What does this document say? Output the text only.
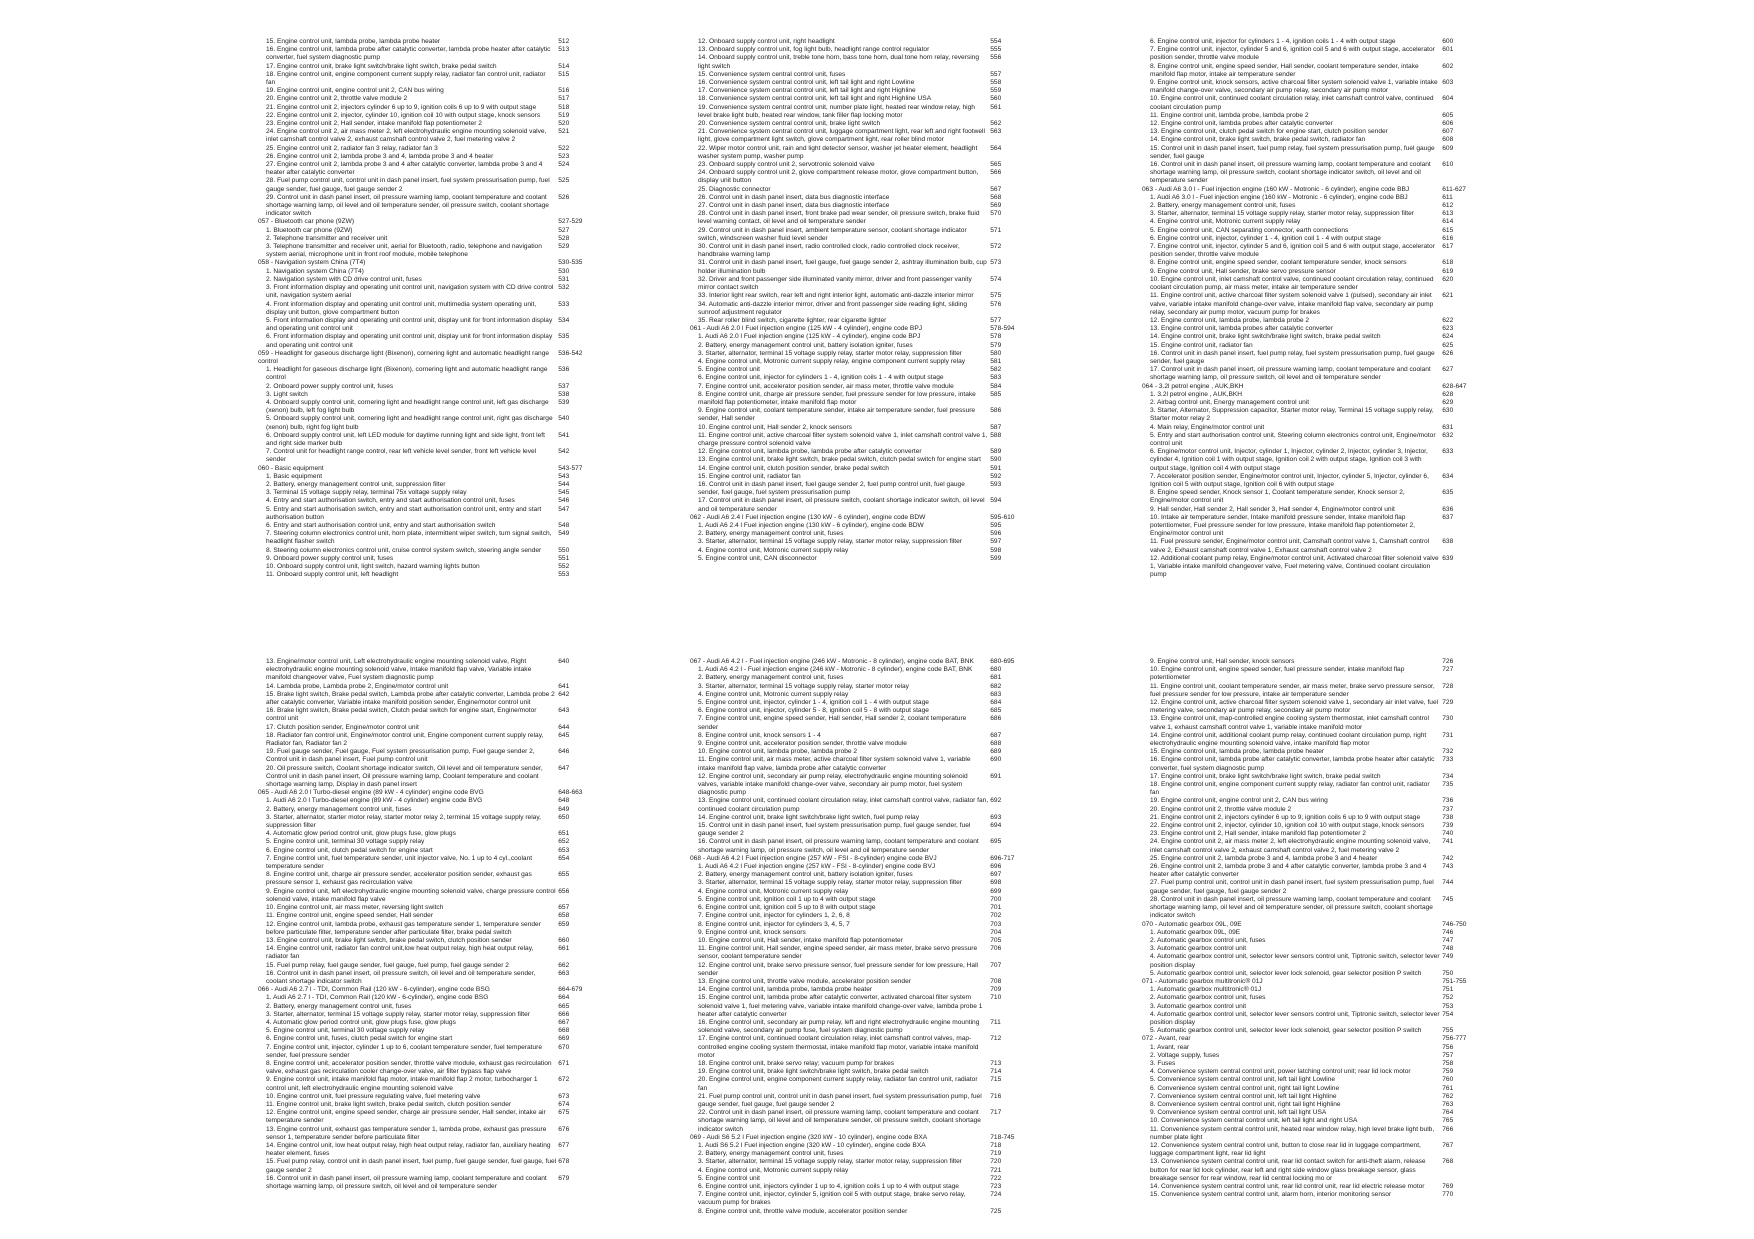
15. Engine control unit, lambda probe, lambda probe heater	512
16. Engine control unit, lambda probe after catalytic converter, lambda probe heater after catalytic converter, fuel system diagnostic pump
513
17. Engine control unit, brake light switch/brake light switch, brake pedal switch	514
18. Engine control unit, engine component current supply relay, radiator fan control unit, radiator fan
515
19. Engine control unit, engine control unit 2, CAN bus wiring	516
20. Engine control unit 2, throttle valve module 2	517
21. Engine control unit 2, injectors cylinder 6 up to 9, ignition coils 6 up to 9 with output stage	518
22. Engine control unit 2, injector, cylinder 10, ignition coil 10 with output stage, knock sensors	519
23. Engine control unit 2, Hall sender, intake manifold flap potentiometer 2	520
24. Engine control unit 2, air mass meter 2, left electrohydraulic engine mounting solenoid valve, inlet camshaft control valve 2, exhaust camshaft control valve 2, fuel metering valve 2
521
25. Engine control unit 2, radiator fan 3 relay, radiator fan 3	522
26. Engine control unit 2, lambda probe 3 and 4, lambda probe 3 and 4 heater	523
27. Engine control unit 2, lambda probe 3 and 4 after catalytic converter, lambda probe 3 and 4 heater after catalytic converter
524
28. Fuel pump control unit, control unit in dash panel insert, fuel system pressurisation pump, fuel gauge sender, fuel gauge, fuel gauge sender 2
525
29. Control unit in dash panel insert, oil pressure warning lamp, coolant temperature and coolant shortage warning lamp, oil level and oil temperature sender, oil pressure switch, coolant shortage indicator switch
526
057 - Bluetooth car phone (9ZW)	527-529
1. Bluetooth car phone (9ZW)	527
2. Telephone transmitter and receiver unit	528
3. Telephone transmitter and receiver unit, aerial for Bluetooth, radio, telephone and navigation system aerial, microphone unit in front roof module, mobile telephone
529
058 - Navigation system China (7T4)	530-535
1. Navigation system China (7T4)	530
2. Navigation system with CD drive control unit, fuses	531
3. Front information display and operating unit control unit, navigation system with CD drive control unit, navigation system aerial
532
4. Front information display and operating unit control unit, multimedia system operating unit, display unit button, glove compartment button
533
5. Front information display and operating unit control unit, display unit for front information display and operating unit control unit
534
6. Front information display and operating unit control unit, display unit for front information display and operating unit control unit
535
059 - Headlight for gaseous discharge light (Bixenon), cornering light and automatic headlight range control
536-542
1. Headlight for gaseous discharge light (Bixenon), cornering light and automatic headlight range control
536
2. Onboard power supply control unit, fuses	537
3. Light switch	538
4. Onboard supply control unit, cornering light and headlight range control unit, left gas discharge (xenon) bulb, left fog light bulb
539
5. Onboard supply control unit, cornering light and headlight range control unit, right gas discharge (xenon) bulb, right fog light bulb
540
6. Onboard supply control unit, left LED module for daytime running light and side light, front left and right side marker bulb
541
7. Control unit for headlight range control, rear left vehicle level sender, front left vehicle level sender
542
060 - Basic equipment	543-577
1. Basic equipment	543
2. Battery, energy management control unit, suppression filter	544
3. Terminal 15 voltage supply relay, terminal 75x voltage supply relay	545
4. Entry and start authorisation switch, entry and start authorisation control unit, fuses	546
5. Entry and start authorisation switch, entry and start authorisation control unit, entry and start authorisation button
547
6. Entry and start authorisation control unit, entry and start authorisation switch	548
7. Steering column electronics control unit, horn plate, intermittent wiper switch, turn signal switch, headlight flasher switch
549
8. Steering column electronics control unit, cruise control system switch, steering angle sender	550
9. Onboard power supply control unit, fuses	551
10. Onboard supply control unit, light switch, hazard warning lights button	552
11. Onboard supply control unit, left headlight	553
12. Onboard supply control unit, right headlight	554
13. Onboard supply control unit, fog light bulb, headlight range control regulator	555
14. Onboard supply control unit, treble tone horn, bass tone horn, dual tone horn relay, reversing light switch
556
15. Convenience system central control unit, fuses	557
16. Convenience system central control unit, left tail light and right Lowline	558
17. Convenience system central control unit, left tail light and right Highline	559
18. Convenience system central control unit, left tail light and right Highline USA	560
19. Convenience system central control unit, number plate light, heated rear window relay, high level brake light bulb, heated rear window, tank filler flap locking motor
561
20. Convenience system central control unit, brake light switch	562
21. Convenience system central control unit, luggage compartment light, rear left and right footwell light, glove compartment light switch, glove compartment light, rear roller blind motor
563
22. Wiper motor control unit, rain and light detector sensor, washer jet heater element, headlight washer system pump, washer pump
564
23. Onboard supply control unit 2, servotronic solenoid valve	565
24. Onboard supply control unit 2, glove compartment release motor, glove compartment button, display unit button
566
25. Diagnostic connector	567
26. Control unit in dash panel insert, data bus diagnostic interface	568
27. Control unit in dash panel insert, data bus diagnostic interface	569
28. Control unit in dash panel insert, front brake pad wear sender, oil pressure switch, brake fluid level warning contact, oil level and oil temperature sender
570
29. Control unit in dash panel insert, ambient temperature sensor, coolant shortage indicator switch, windscreen washer fluid level sender
571
30. Control unit in dash panel insert, radio controlled clock, radio controlled clock receiver, handbrake warning lamp
572
31. Control unit in dash panel insert, fuel gauge, fuel gauge sender 2, ashtray illumination bulb, cup holder illumination bulb
573
32. Driver and front passenger side illuminated vanity mirror, driver and front passenger vanity mirror contact switch
574
33. Interior light rear switch, rear left and right interior light, automatic anti-dazzle interior mirror	575
34. Automatic anti-dazzle interior mirror, driver and front passenger side reading light, sliding sunroof adjustment regulator
576
35. Rear roller blind switch, cigarette lighter, rear cigarette lighter	577
061 - Audi A6 2.0 l Fuel injection engine (125 kW - 4 cylinder), engine code BPJ	578-594
1. Audi A6 2.0 l Fuel injection engine (125 kW - 4 cylinder), engine code BPJ	578
2. Battery, energy management control unit, battery isolation igniter, fuses	579
3. Starter, alternator, terminal 15 voltage supply relay, starter motor relay, suppression filter	580
4. Engine control unit, Motronic current supply relay, engine component current supply relay	581
5. Engine control unit	582
6. Engine control unit, injector for cylinders 1 - 4, ignition coils 1 - 4 with output stage	583
7. Engine control unit, accelerator position sender, air mass meter, throttle valve module	584
8. Engine control unit, charge air pressure sender, fuel pressure sender for low pressure, intake manifold flap potentiometer, intake manifold flap motor
585
9. Engine control unit, coolant temperature sender, intake air temperature sender, fuel pressure sender, Hall sender
586
10. Engine control unit, Hall sender 2, knock sensors	587
11. Engine control unit, active charcoal filter system solenoid valve 1, inlet camshaft control valve 1, charge pressure control solenoid valve
588
12. Engine control unit, lambda probe, lambda probe after catalytic converter	589
13. Engine control unit, brake light switch, brake pedal switch, clutch pedal switch for engine start	590
14. Engine control unit, clutch position sender, brake pedal switch	591
15. Engine control unit, radiator fan	592
16. Control unit in dash panel insert, fuel gauge sender 2, fuel pump control unit, fuel gauge sender, fuel gauge, fuel system pressurisation pump
593
17. Control unit in dash panel insert, oil pressure switch, coolant shortage indicator switch, oil level and oil temperature sender
594
062 - Audi A6 2.4 l Fuel injection engine (130 kW - 6 cylinder), engine code BDW	595-610
1. Audi A6 2.4 l Fuel injection engine (130 kW - 6 cylinder), engine code BDW	595
2. Battery, energy management control unit, fuses	596
3. Starter, alternator, terminal 15 voltage supply relay, starter motor relay, suppression filter	597
4. Engine control unit, Motronic current supply relay	598
5. Engine control unit, CAN disconnector	599
6. Engine control unit, injector for cylinders 1 - 4, ignition coils 1 - 4 with output stage	600
7. Engine control unit, injector, cylinder 5 and 6, ignition coil 5 and 6 with output stage, accelerator position sender, throttle valve module
601
8. Engine control unit, engine speed sender, Hall sender, coolant temperature sender, intake manifold flap motor, intake air temperature sender
602
9. Engine control unit, knock sensors, active charcoal filter system solenoid valve 1, variable intake manifold change-over valve, secondary air pump relay, secondary air pump motor
603
10. Engine control unit, continued coolant circulation relay, inlet camshaft control valve, continued coolant circulation pump
604
11. Engine control unit, lambda probe, lambda probe 2	605
12. Engine control unit, lambda probes after catalytic converter	606
13. Engine control unit, clutch pedal switch for engine start, clutch position sender	607
14. Engine control unit, brake light switch, brake pedal switch, radiator fan	608
15. Control unit in dash panel insert, fuel pump relay, fuel system pressurisation pump, fuel gauge sender, fuel gauge
609
16. Control unit in dash panel insert, oil pressure warning lamp, coolant temperature and coolant shortage warning lamp, oil pressure switch, coolant shortage indicator switch, oil level and oil temperature sender
610
063 - Audi A6 3.0 l - Fuel injection engine (160 kW - Motronic - 6 cylinder), engine code BBJ	611-627
1. Audi A6 3.0 l - Fuel injection engine (160 kW - Motronic - 6 cylinder), engine code BBJ	611
2. Battery, energy management control unit, fuses	612
3. Starter, alternator, terminal 15 voltage supply relay, starter motor relay, suppression filter	613
4. Engine control unit, Motronic current supply relay	614
5. Engine control unit, CAN separating connector, earth connections	615
6. Engine control unit, injector, cylinder 1 - 4, ignition coil 1 - 4 with output stage	616
7. Engine control unit, injector, cylinder 5 and 6, ignition coil 5 and 6 with output stage, accelerator position sender, throttle valve module
617
8. Engine control unit, engine speed sender, coolant temperature sender, knock sensors	618
9. Engine control unit, Hall sender, brake servo pressure sensor	619
10. Engine control unit, inlet camshaft control valve, continued coolant circulation relay, continued coolant circulation pump, air mass meter, intake air temperature sender
620
11. Engine control unit, active charcoal filter system solenoid valve 1 (pulsed), secondary air inlet valve, variable intake manifold change-over valve, intake manifold flap valve, secondary air pump relay, secondary air pump motor, vacuum pump for brakes
621
12. Engine control unit, lambda probe, lambda probe 2	622
13. Engine control unit, lambda probes after catalytic converter	623
14. Engine control unit, brake light switch/brake light switch, brake pedal switch	624
15. Engine control unit, radiator fan	625
16. Control unit in dash panel insert, fuel pump relay, fuel system pressurisation pump, fuel gauge sender, fuel gauge
626
17. Control unit in dash panel insert, oil pressure warning lamp, coolant temperature and coolant shortage warning lamp, oil pressure switch, oil level and oil temperature sender
627
064 - 3.2l petrol engine , AUK,BKH	628-647
1. 3.2l petrol engine , AUK,BKH	628
2. Airbag control unit, Energy management control unit	629
3. Starter, Alternator, Suppression capacitor, Starter motor relay, Terminal 15 voltage supply relay, Starter motor relay 2
630
4. Main relay, Engine/motor control unit	631
5. Entry and start authorisation control unit, Steering column electronics control unit, Engine/motor control unit
632
6. Engine/motor control unit, Injector, cylinder 1, Injector, cylinder 2, Injector, cylinder 3, Injector, cylinder 4, Ignition coil 1 with output stage, Ignition coil 2 with output stage, Ignition coil 3 with output stage, Ignition coil 4 with output stage
633
7. Accelerator position sender, Engine/motor control unit, Injector, cylinder 5, Injector, cylinder 6, Ignition coil 5 with output stage, Ignition coil 6 with output stage
634
8. Engine speed sender, Knock sensor 1, Coolant temperature sender, Knock sensor 2, Engine/motor control unit
635
9. Hall sender, Hall sender 2, Hall sender 3, Hall sender 4, Engine/motor control unit	636
10. Intake air temperature sender, Intake manifold pressure sender, Intake manifold flap potentiometer, Fuel pressure sender for low pressure, Intake manifold flap potentiometer 2, Engine/motor control unit
637
11. Fuel pressure sender, Engine/motor control unit, Camshaft control valve 1, Camshaft control valve 2, Exhaust camshaft control valve 1, Exhaust camshaft control valve 2
638
12. Additional coolant pump relay, Engine/motor control unit, Activated charcoal filter solenoid valve 1, Variable intake manifold changeover valve, Fuel metering valve, Continued coolant circulation pump
639
13. Engine/motor control unit, Left electrohydraulic engine mounting solenoid valve, Right electrohydraulic engine mounting solenoid valve, Intake manifold flap valve, Variable intake manifold changeover valve, Fuel system diagnostic pump
640
14. Lambda probe, Lambda probe 2, Engine/motor control unit	641
15. Brake light switch, Brake pedal switch, Lambda probe after catalytic converter, Lambda probe 2 after catalytic converter, Variable intake manifold position sender, Engine/motor control unit
642
16. Brake light switch, Brake pedal switch, Clutch pedal switch for engine start, Engine/motor control unit
643
17. Clutch position sender, Engine/motor control unit	644
18. Radiator fan control unit, Engine/motor control unit, Engine component current supply relay, Radiator fan, Radiator fan 2
645
19. Fuel gauge sender, Fuel gauge, Fuel system pressurisation pump, Fuel gauge sender 2, Control unit in dash panel insert, Fuel pump control unit
646
20. Oil pressure switch, Coolant shortage indicator switch, Oil level and oil temperature sender, Control unit in dash panel insert, Oil pressure warning lamp, Coolant temperature and coolant shortage warning lamp, Display in dash panel insert
647
065 - Audi A6 2.0 l Turbo-diesel engine (89 kW - 4 cylinder) engine code BVG	648-663
1. Audi A6 2.0 l Turbo-diesel engine (89 kW - 4 cylinder) engine code BVG	648
2. Battery, energy management control unit, fuses	649
3. Starter, alternator, starter motor relay, starter motor relay 2, terminal 15 voltage supply relay, suppression filter
650
4. Automatic glow period control unit, glow plugs fuse, glow plugs	651
5. Engine control unit, terminal 30 voltage supply relay	652
6. Engine control unit, clutch pedal switch for engine start	653
7. Engine control unit, fuel temperature sender, unit injector valve, No. 1 up to 4 cyl.,coolant temperature sender
654
8. Engine control unit, charge air pressure sender, accelerator position sender, exhaust gas pressure sensor 1, exhaust gas recirculation valve
655
9. Engine control unit, left electrohydraulic engine mounting solenoid valve, charge pressure control solenoid valve, intake manifold flap valve
656
10. Engine control unit, air mass meter, reversing light switch	657
11. Engine control unit, engine speed sender, Hall sender	658
12. Engine control unit, lambda probe, exhaust gas temperature sender 1, temperature sender before particulate filter, temperature sender after particulate filter, brake pedal switch
659
13. Engine control unit, brake light switch, brake pedal switch, clutch position sender	660
14. Engine control unit, radiator fan control unit,low heat output relay, high heat output relay, radiator fan
661
15. Fuel pump relay, fuel gauge sender, fuel gauge, fuel pump, fuel gauge sender 2	662
16. Control unit in dash panel insert, oil pressure switch, oil level and oil temperature sender, coolant shortage indicator switch
663
066 - Audi A6 2.7 l - TDI, Common Rail (120 kW - 6-cylinder), engine code BSG	664-679
1. Audi A6 2.7 l - TDI, Common Rail (120 kW - 6-cylinder), engine code BSG	664
2. Battery, energy management control unit, fuses	665
3. Starter, alternator, terminal 15 voltage supply relay, starter motor relay, suppression filter	666
4. Automatic glow period control unit, glow plugs fuse, glow plugs	667
5. Engine control unit, terminal 30 voltage supply relay	668
6. Engine control unit, fuses, clutch pedal switch for engine start	669
7. Engine control unit, injector, cylinder 1 up to 6, coolant temperature sender, fuel temperature sender, fuel pressure sender
670
8. Engine control unit, accelerator position sender, throttle valve module, exhaust gas recirculation valve, exhaust gas recirculation cooler change-over valve, air filter bypass flap valve
671
9. Engine control unit, intake manifold flap motor, intake manifold flap 2 motor, turbocharger 1 control unit, left electrohydraulic engine mounting solenoid valve
672
10. Engine control unit, fuel pressure regulating valve, fuel metering valve	673
11. Engine control unit, brake light switch, brake pedal switch, clutch position sender	674
12. Engine control unit, engine speed sender, charge air pressure sender, Hall sender, intake air temperature sender
675
13. Engine control unit, exhaust gas temperature sender 1, lambda probe, exhaust gas pressure sensor 1, temperature sender before particulate filter
676
14. Engine control unit, low heat output relay, high heat output relay, radiator fan, auxiliary heating heater element, fuses
677
15. Fuel pump relay, control unit in dash panel insert, fuel pump, fuel gauge sender, fuel gauge, fuel gauge sender 2
678
16. Control unit in dash panel insert, oil pressure warning lamp, coolant temperature and coolant shortage warning lamp, oil pressure switch, oil level and oil temperature sender
679
067 - Audi A6 4.2 l - Fuel injection engine (246 kW - Motronic - 8 cylinder), engine code BAT, BNK	680-695
1. Audi A6 4.2 l - Fuel injection engine (246 kW - Motronic - 8 cylinder), engine code BAT, BNK	680
2. Battery, energy management control unit, fuses	681
3. Starter, alternator, terminal 15 voltage supply relay, starter motor relay	682
4. Engine control unit, Motronic current supply relay	683
5. Engine control unit, injector, cylinder 1 - 4, ignition coil 1 - 4 with output stage	684
6. Engine control unit, injector, cylinder 5 - 8, ignition coil 5 - 8 with output stage	685
7. Engine control unit, engine speed sender, Hall sender, Hall sender 2, coolant temperature sender
686
8. Engine control unit, knock sensors 1 - 4	687
9. Engine control unit, accelerator position sender, throttle valve module	688
10. Engine control unit, lambda probe, lambda probe 2	689
11. Engine control unit, air mass meter, active charcoal filter system solenoid valve 1, variable intake manifold flap valve, lambda probe after catalytic converter
690
12. Engine control unit, secondary air pump relay, electrohydraulic engine mounting solenoid valves, variable intake manifold change-over valve, secondary air pump motor, fuel system diagnostic pump
691
13. Engine control unit, continued coolant circulation relay, inlet camshaft control valve, radiator fan, continued coolant circulation pump
692
14. Engine control unit, brake light switch/brake light switch, fuel pump relay	693
15. Control unit in dash panel insert, fuel system pressurisation pump, fuel gauge sender, fuel gauge sender 2
694
16. Control unit in dash panel insert, oil pressure warning lamp, coolant temperature and coolant shortage warning lamp, oil pressure switch, oil level and oil temperature sender
695
068 - Audi A6 4.2 l Fuel injection engine (257 kW - FSI - 8-cylinder) engine code BVJ	696-717
1. Audi A6 4.2 l Fuel injection engine (257 kW - FSI - 8-cylinder) engine code BVJ	696
2. Battery, energy management control unit, battery isolation igniter, fuses	697
3. Starter, alternator, terminal 15 voltage supply relay, starter motor relay, suppression filter	698
4. Engine control unit, Motronic current supply relay	699
5. Engine control unit, ignition coil 1 up to 4 with output stage	700
6. Engine control unit, ignition coil 5 up to 8 with output stage	701
7. Engine control unit, injector for cylinders 1, 2, 6, 8	702
8. Engine control unit, injector for cylinders 3, 4, 5, 7	703
9. Engine control unit, knock sensors	704
10. Engine control unit, Hall sender, intake manifold flap potentiometer	705
11. Engine control unit, Hall sender, engine speed sender, air mass meter, brake servo pressure sensor, coolant temperature sender
706
12. Engine control unit, brake servo pressure sensor, fuel pressure sender for low pressure, Hall sender
707
13. Engine control unit, throttle valve module, accelerator position sender	708
14. Engine control unit, lambda probe, lambda probe heater	709
15. Engine control unit, lambda probe after catalytic converter, activated charcoal filter system solenoid valve 1, fuel metering valve, variable intake manifold change-over valve, lambda probe 1 heater after catalytic converter
710
16. Engine control unit, secondary air pump relay, left and right electrohydraulic engine mounting solenoid valve, secondary air pump fuse, fuel system diagnostic pump
711
17. Engine control unit, continued coolant circulation relay, inlet camshaft control valves, map-controlled engine cooling system thermostat, intake manifold flap motor, variable intake manifold motor
712
18. Engine control unit, brake servo relay; vacuum pump for brakes	713
19. Engine control unit, brake light switch/brake light switch, brake pedal switch	714
20. Engine control unit, engine component current supply relay, radiator fan control unit, radiator fan
715
21. Fuel pump control unit, control unit in dash panel insert, fuel system pressurisation pump, fuel gauge sender, fuel gauge, fuel gauge sender 2
716
22. Control unit in dash panel insert, oil pressure warning lamp, coolant temperature and coolant shortage warning lamp, oil level and oil temperature sender, oil pressure switch, coolant shortage indicator switch
717
069 - Audi S6 5.2 l Fuel injection engine (320 kW - 10 cylinder), engine code BXA	718-745
1. Audi S6 5.2 l Fuel injection engine (320 kW - 10 cylinder), engine code BXA	718
2. Battery, energy management control unit, fuses	719
3. Starter, alternator, terminal 15 voltage supply relay, starter motor relay, suppression filter	720
4. Engine control unit, Motronic current supply relay	721
5. Engine control unit	722
6. Engine control unit, injectors cylinder 1 up to 4, ignition coils 1 up to 4 with output stage	723
7. Engine control unit, injector, cylinder 5, ignition coil 5 with output stage, brake servo relay, vacuum pump for brakes
724
8. Engine control unit, throttle valve module, accelerator position sender	725
9. Engine control unit, Hall sender, knock sensors	726
10. Engine control unit, engine speed sender, fuel pressure sender, intake manifold flap potentiometer
727
11. Engine control unit, coolant temperature sender, air mass meter, brake servo pressure sensor, fuel pressure sender for low pressure, intake air temperature sender
728
12. Engine control unit, active charcoal filter system solenoid valve 1, secondary air inlet valve, fuel metering valve, secondary air pump relay, secondary air pump motor
729
13. Engine control unit, map-controlled engine cooling system thermostat, inlet camshaft control valve 1, exhaust camshaft control valve 1, variable intake manifold motor
730
14. Engine control unit, additional coolant pump relay, continued coolant circulation pump, right electrohydraulic engine mounting solenoid valve, intake manifold flap motor
731
15. Engine control unit, lambda probe, lambda probe heater	732
16. Engine control unit, lambda probe after catalytic converter, lambda probe heater after catalytic converter, fuel system diagnostic pump
733
17. Engine control unit, brake light switch/brake light switch, brake pedal switch	734
18. Engine control unit, engine component current supply relay, radiator fan control unit, radiator fan
735
19. Engine control unit, engine control unit 2, CAN bus wiring	736
20. Engine control unit 2, throttle valve module 2	737
21. Engine control unit 2, injectors cylinder 6 up to 9, ignition coils 6 up to 9 with output stage	738
22. Engine control unit 2, injector, cylinder 10, ignition coil 10 with output stage, knock sensors	739
23. Engine control unit 2, Hall sender, intake manifold flap potentiometer 2	740
24. Engine control unit 2, air mass meter 2, left electrohydraulic engine mounting solenoid valve, inlet camshaft control valve 2, exhaust camshaft control valve 2, fuel metering valve 2
741
25. Engine control unit 2, lambda probe 3 and 4, lambda probe 3 and 4 heater	742
26. Engine control unit 2, lambda probe 3 and 4 after catalytic converter, lambda probe 3 and 4 heater after catalytic converter
743
27. Fuel pump control unit, control unit in dash panel insert, fuel system pressurisation pump, fuel gauge sender, fuel gauge, fuel gauge sender 2
744
28. Control unit in dash panel insert, oil pressure warning lamp, coolant temperature and coolant shortage warning lamp, oil level and oil temperature sender, oil pressure switch, coolant shortage indicator switch
745
070 - Automatic gearbox 09L, 09E	746-750
1. Automatic gearbox 09L, 09E	746
2. Automatic gearbox control unit, fuses	747
3. Automatic gearbox control unit	748
4. Automatic gearbox control unit, selector lever sensors control unit, Tiptronic switch, selector lever position display
749
5. Automatic gearbox control unit, selector lever lock solenoid, gear selector position P switch	750
071 - Automatic gearbox multitronic® 01J	751-755
1. Automatic gearbox multitronic® 01J	751
2. Automatic gearbox control unit, fuses	752
3. Automatic gearbox control unit	753
4. Automatic gearbox control unit, selector lever sensors control unit, Tiptronic switch, selector lever position display
754
5. Automatic gearbox control unit, selector lever lock solenoid, gear selector position P switch	755
072 - Avant, rear	756-777
1. Avant, rear	756
2. Voltage supply, fuses	757
3. Fuses	758
4. Convenience system central control unit, power latching control unit; rear lid lock motor	759
5. Convenience system central control unit, left tail light Lowline	760
6. Convenience system central control unit, right tail light Lowline	761
7. Convenience system central control unit, left tail light Highline	762
8. Convenience system central control unit, right tail light Highline	763
9. Convenience system central control unit, left tail light USA	764
10. Convenience system central control unit, left tail light and right USA	765
11. Convenience system central control unit, heated rear window relay, high level brake light bulb, number plate light
766
12. Convenience system central control unit, button to close rear lid in luggage compartment, luggage compartment light, rear lid light
767
13. Convenience system central control unit, rear lid contact switch for anti-theft alarm, release button for rear lid lock cylinder, rear left and right side window glass breakage sensor, glass breakage sensor for rear window, rear lid central locking mo or
768
14. Convenience system central control unit, rear lid control unit, rear lid electric release motor	769
15. Convenience system central control unit, alarm horn, interior monitoring sensor	770
